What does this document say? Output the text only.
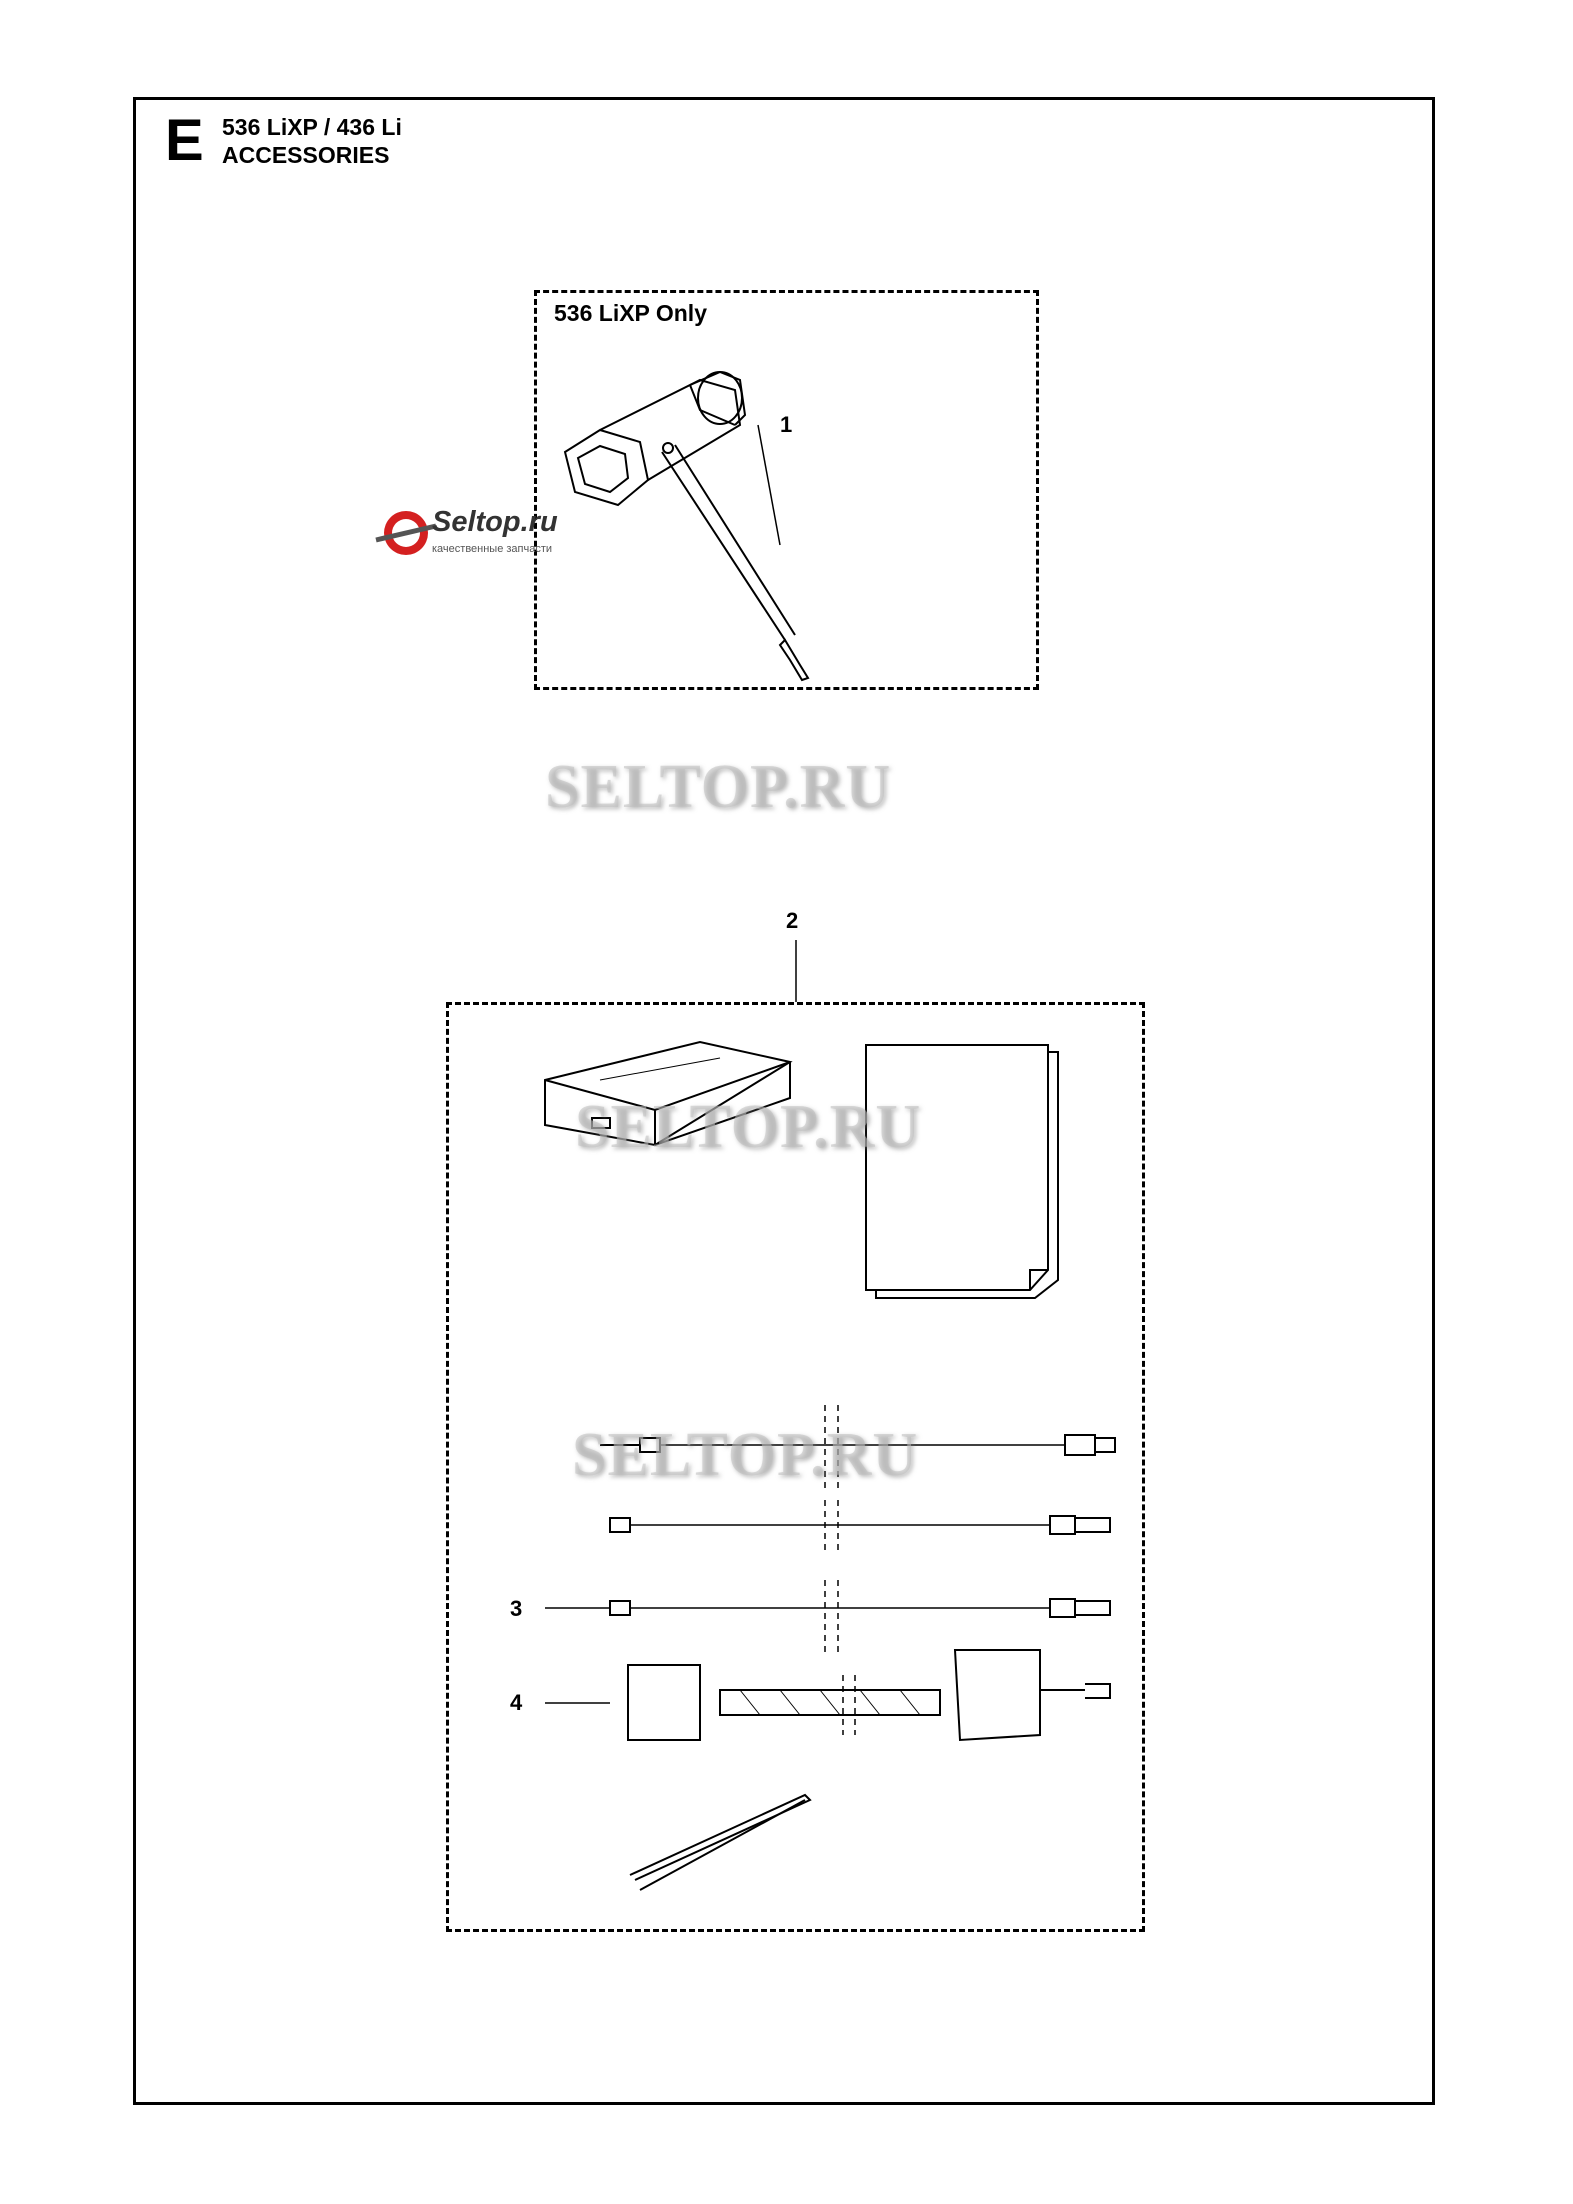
E 536 LiXP / 436 Li
ACCESSORIES
536 LiXP Only
1
2
3
4
Seltop.ru
качественные запчасти
SELTOP.RU
SELTOP.RU
SELTOP.RU
